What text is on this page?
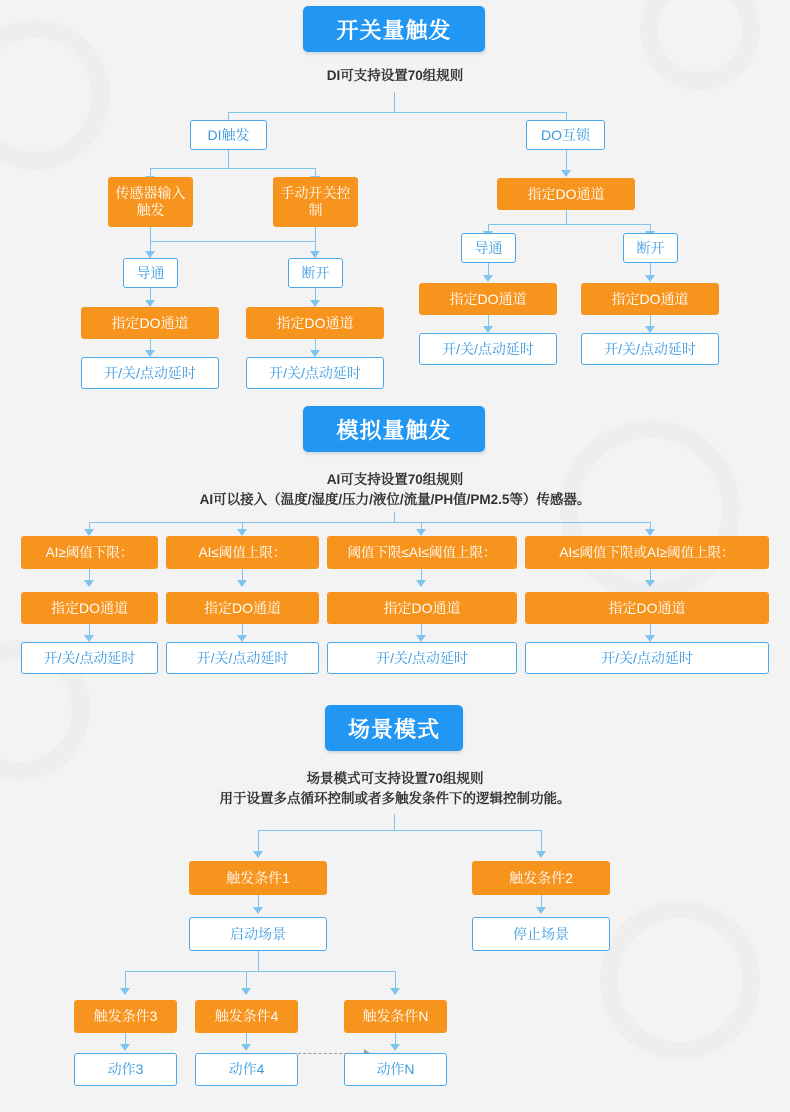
开关量触发
DI可支持设置70组规则
DI触发	DO互锁
传感器输入触发
手动开关控制
导通	断开
指定DO通道	指定DO通道
开/关/点动延时	开/关/点动延时
指定DO通道
导通	断开
指定DO通道	指定DO通道
开/关/点动延时	开/关/点动延时
模拟量触发
AI可支持设置70组规则
AI可以接入（温度/湿度/压力/液位/流量/PH值/PM2.5等）传感器。
AI≥阈值下限：
指定DO通道
开/关/点动延时
AI≤阈值上限：
指定DO通道
开/关/点动延时
阈值下限≤AI≤阈值上限：
指定DO通道
开/关/点动延时
AI≤阈值下限或AI≥阈值上限：
指定DO通道
开/关/点动延时
场景模式
场景模式可支持设置70组规则
用于设置多点循环控制或者多触发条件下的逻辑控制功能。
触发条件1	触发条件2
启动场景	停止场景
触发条件3	触发条件4	触发条件N
动作3	动作4	动作N
